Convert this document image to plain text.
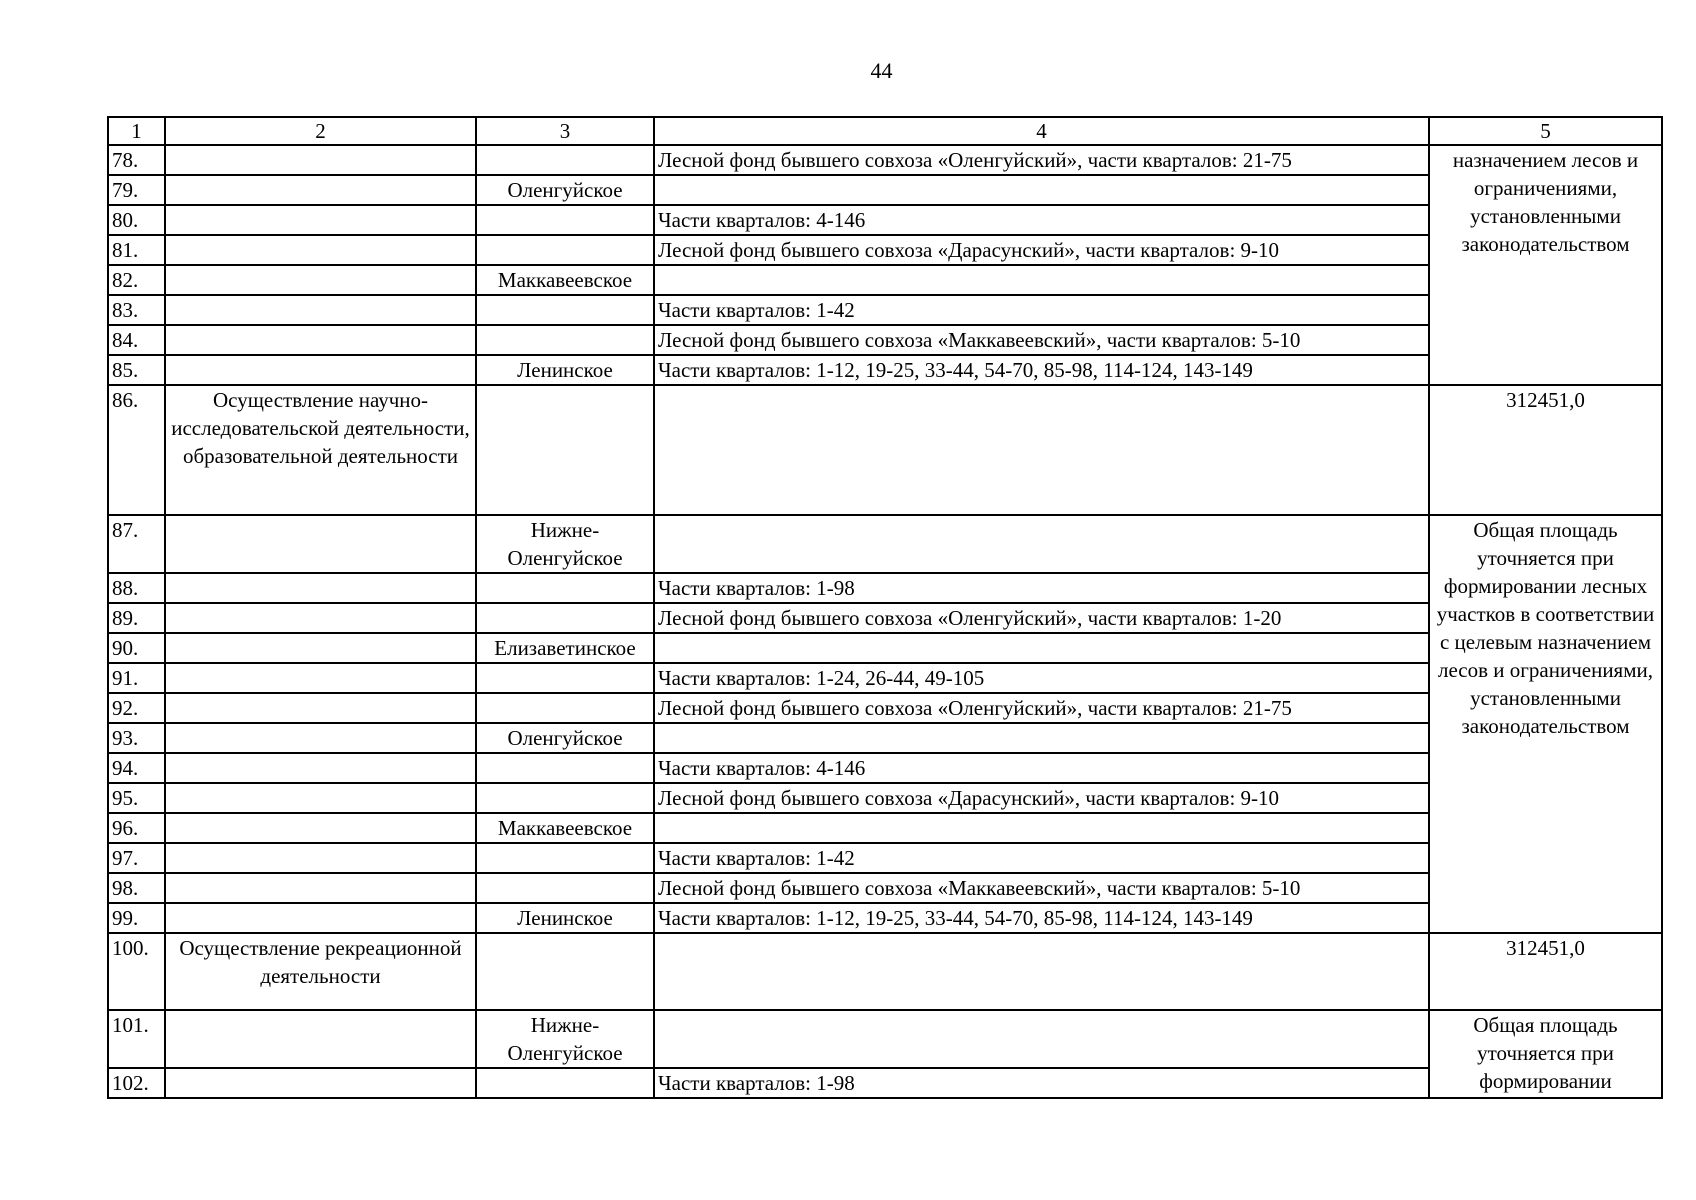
44
1	2	3	4	5
78.			Лесной фонд бывшего совхоза «Оленгуйский», части кварталов: 21-75	назначением лесов и ограничениями, установленными законодательством
79.		Оленгуйское		
80.			Части кварталов: 4-146	
81.			Лесной фонд бывшего совхоза «Дарасунский», части кварталов: 9-10	
82.		Маккавеевское		
83.			Части кварталов: 1-42	
84.			Лесной фонд бывшего совхоза «Маккавеевский», части кварталов: 5-10	
85.		Ленинское	Части кварталов: 1-12, 19-25, 33-44, 54-70, 85-98, 114-124, 143-149	
86.	Осуществление научно-исследовательской деятельности, образовательной деятельности			312451,0
87.		Нижне-Оленгуйское		Общая площадь уточняется при формировании лесных участков в соответствии с целевым назначением лесов и ограничениями, установленными законодательством
88.			Части кварталов: 1-98	
89.			Лесной фонд бывшего совхоза «Оленгуйский», части кварталов: 1-20	
90.		Елизаветинское		
91.			Части кварталов: 1-24, 26-44, 49-105	
92.			Лесной фонд бывшего совхоза «Оленгуйский», части кварталов: 21-75	
93.		Оленгуйское		
94.			Части кварталов: 4-146	
95.			Лесной фонд бывшего совхоза «Дарасунский», части кварталов: 9-10	
96.		Маккавеевское		
97.			Части кварталов: 1-42	
98.			Лесной фонд бывшего совхоза «Маккавеевский», части кварталов: 5-10	
99.		Ленинское	Части кварталов: 1-12, 19-25, 33-44, 54-70, 85-98, 114-124, 143-149	
100.	Осуществление рекреационной деятельности			312451,0
101.		Нижне-Оленгуйское		Общая площадь уточняется при формировании
102.			Части кварталов: 1-98	
